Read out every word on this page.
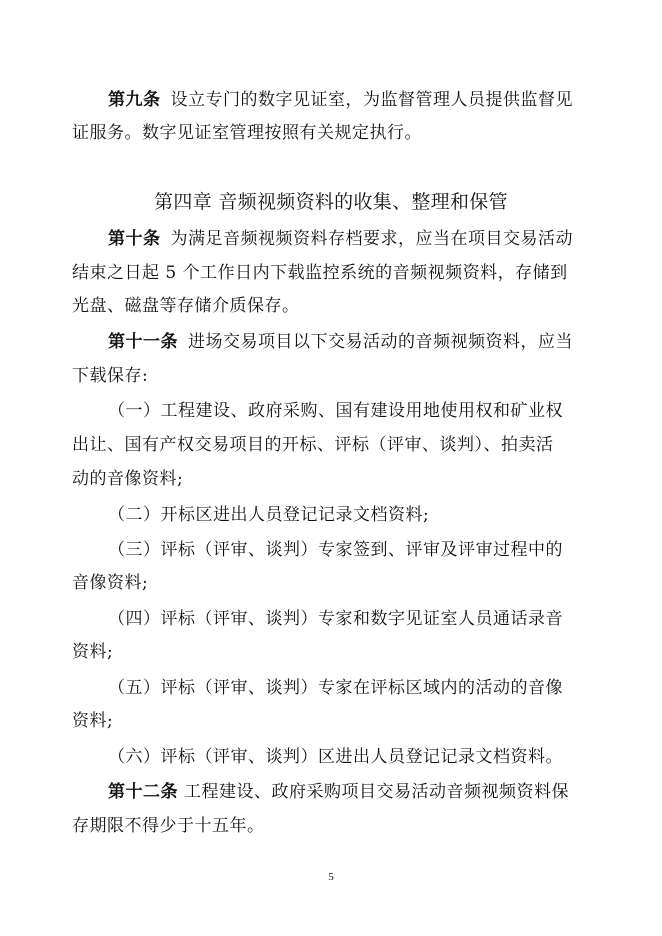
第九条 设立专门的数字见证室，为监督管理人员提供监督见
证服务。数字见证室管理按照有关规定执行。
第四章 音频视频资料的收集、整理和保管
第十条 为满足音频视频资料存档要求，应当在项目交易活动
结束之日起 5 个工作日内下载监控系统的音频视频资料，存储到
光盘、磁盘等存储介质保存。
第十一条 进场交易项目以下交易活动的音频视频资料，应当
下载保存:
（一）工程建设、政府采购、国有建设用地使用权和矿业权
出让、国有产权交易项目的开标、评标（评审、谈判）、拍卖活
动的音像资料;
（二）开标区进出人员登记记录文档资料;
（三）评标（评审、谈判）专家签到、评审及评审过程中的
音像资料;
（四）评标（评审、谈判）专家和数字见证室人员通话录音
资料;
（五）评标（评审、谈判）专家在评标区域内的活动的音像
资料;
（六）评标（评审、谈判）区进出人员登记记录文档资料。
第十二条 工程建设、政府采购项目交易活动音频视频资料保
存期限不得少于十五年。
5
